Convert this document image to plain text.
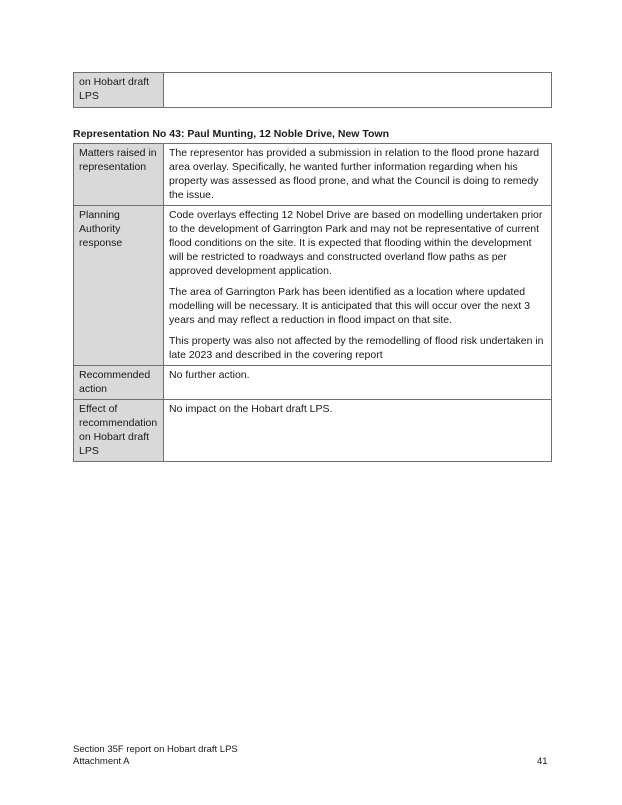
on Hobart draft LPS	
Representation No 43: Paul Munting, 12 Noble Drive, New Town
Matters raised in representation	The representor has provided a submission in relation to the flood prone hazard area overlay. Specifically, he wanted further information regarding when his property was assessed as flood prone, and what the Council is doing to remedy the issue.

Planning Authority response	Code overlays effecting 12 Nobel Drive are based on modelling undertaken prior to the development of Garrington Park and may not be representative of current flood conditions on the site. It is expected that flooding within the development will be restricted to roadways and constructed overland flow paths as per approved development application.

The area of Garrington Park has been identified as a location where updated modelling will be necessary. It is anticipated that this will occur over the next 3 years and may reflect a reduction in flood impact on that site.

This property was also not affected by the remodelling of flood risk undertaken in late 2023 and described in the covering report

Recommended action	No further action.
Effect of recommendation on Hobart draft LPS	No impact on the Hobart draft LPS.
Section 35F report on Hobart draft LPS
Attachment A	41
